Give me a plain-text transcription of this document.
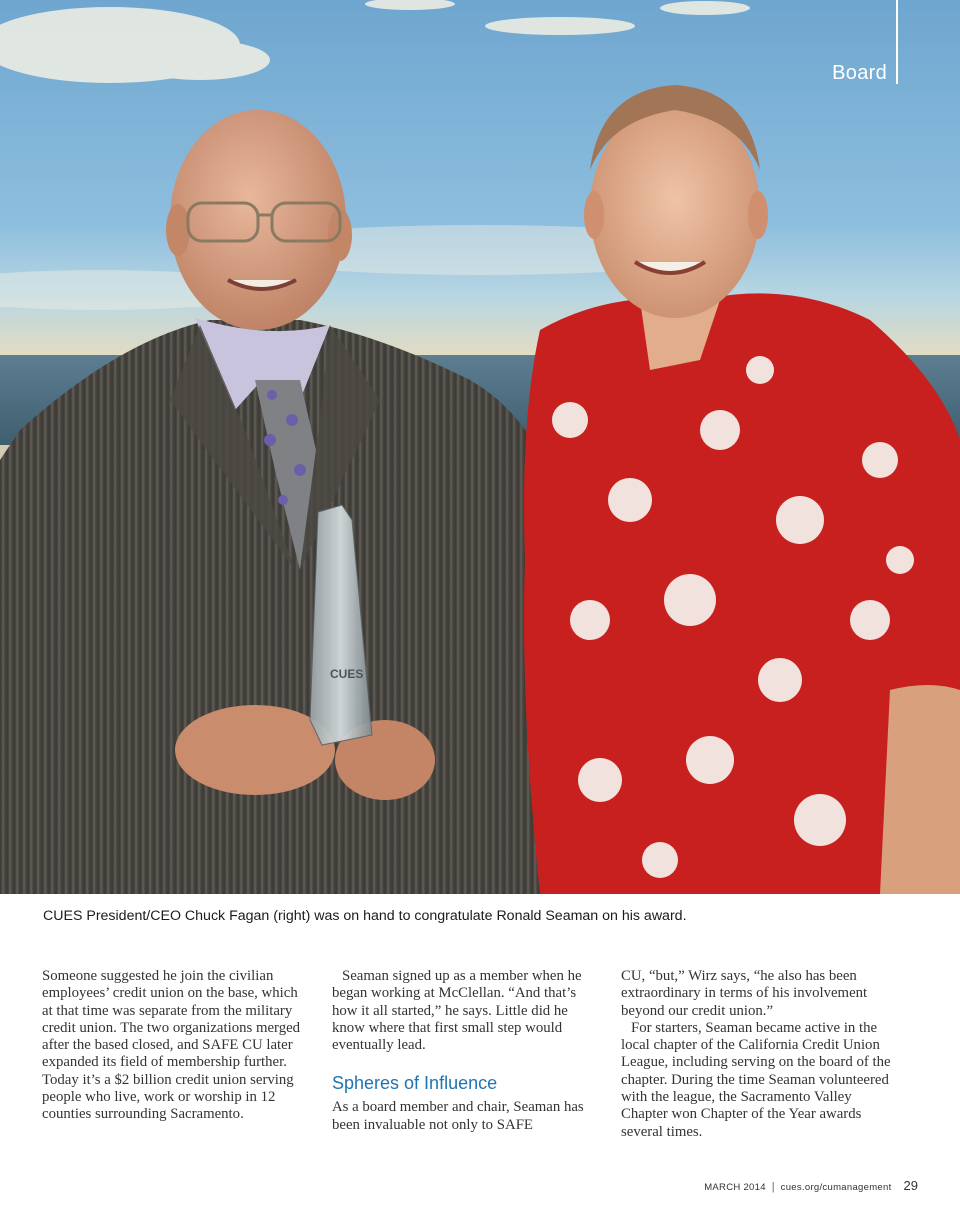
CUES
Board
CUES President/CEO Chuck Fagan (right) was on hand to congratulate Ronald Seaman on his award.

Someone suggested he join the civilian employees’ credit union on the base, which at that time was separate from the military credit union. The two organizations merged after the based closed, and SAFE CU later expanded its field of membership further. Today it’s a $2 billion credit union serving people who live, work or worship in 12 counties surrounding Sacramento.

Seaman signed up as a member when he began working at McClellan. “And that’s how it all started,” he says. Little did he know where that first small step would eventually lead.

Spheres of Influence

As a board member and chair, Seaman has been invaluable not only to SAFE

CU, “but,” Wirz says, “he also has been extraordinary in terms of his involvement beyond our credit union.”

For starters, Seaman became active in the local chapter of the California Credit Union League, including serving on the board of the chapter. During the time Seaman volunteered with the league, the Sacramento Valley Chapter won Chapter of the Year awards several times.

MARCH 2014 | cues.org/cumanagement 29
